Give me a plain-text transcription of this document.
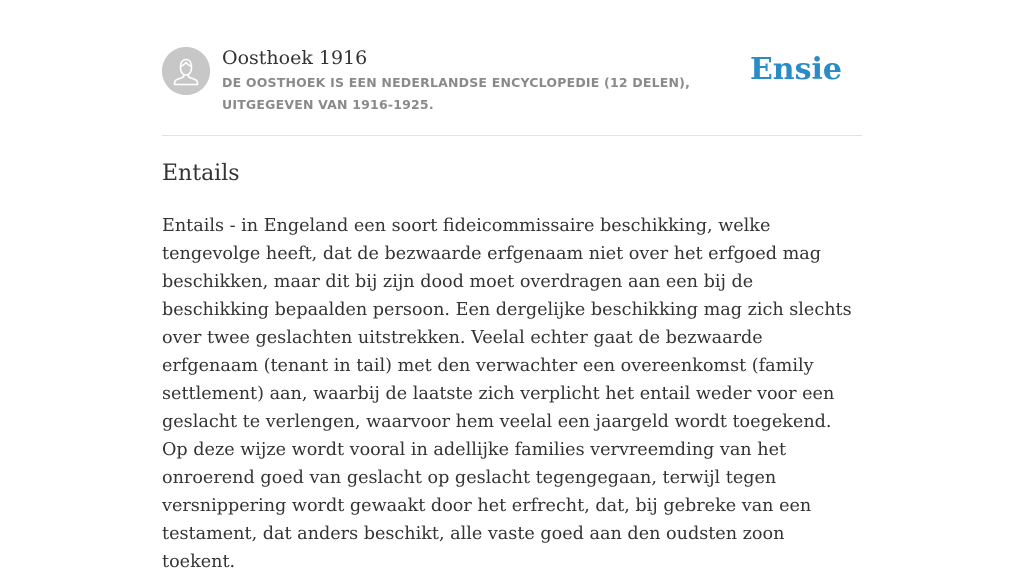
Oosthoek 1916
DE OOSTHOEK IS EEN NEDERLANDSE ENCYCLOPEDIE (12 DELEN), UITGEGEVEN VAN 1916-1925.
Ensie
Entails

Entails - in Engeland een soort fideicommissaire beschikking, welke tengevolge heeft, dat de bezwaarde erfgenaam niet over het erfgoed mag beschikken, maar dit bij zijn dood moet overdragen aan een bij de beschikking bepaalden persoon. Een dergelijke beschikking mag zich slechts over twee geslachten uitstrekken. Veelal echter gaat de bezwaarde erfgenaam (tenant in tail) met den verwachter een overeenkomst (family settlement) aan, waarbij de laatste zich verplicht het entail weder voor een geslacht te verlengen, waarvoor hem veelal een jaargeld wordt toegekend. Op deze wijze wordt vooral in adellijke families vervreemding van het onroerend goed van geslacht op geslacht tegengegaan, terwijl tegen versnippering wordt gewaakt door het erfrecht, dat, bij gebreke van een testament, dat anders beschikt, alle vaste goed aan den oudsten zoon toekent.
